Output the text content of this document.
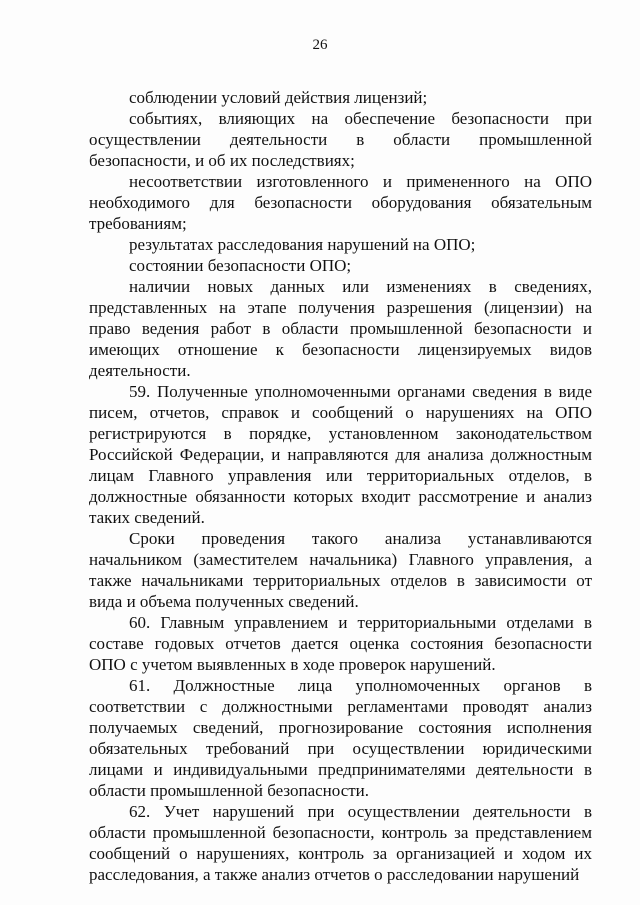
26

соблюдении условий действия лицензий;

событиях, влияющих на обеспечение безопасности при осуществлении деятельности в области промышленной безопасности, и об их последствиях;

несоответствии изготовленного и примененного на ОПО необходимого для безопасности оборудования обязательным требованиям;

результатах расследования нарушений на ОПО;

состоянии безопасности ОПО;

наличии новых данных или изменениях в сведениях, представленных на этапе получения разрешения (лицензии) на право ведения работ в области промышленной безопасности и имеющих отношение к безопасности лицензируемых видов деятельности.

59. Полученные уполномоченными органами сведения в виде писем, отчетов, справок и сообщений о нарушениях на ОПО регистрируются в порядке, установленном законодательством Российской Федерации, и направляются для анализа должностным лицам Главного управления или территориальных отделов, в должностные обязанности которых входит рассмотрение и анализ таких сведений.

Сроки проведения такого анализа устанавливаются начальником (заместителем начальника) Главного управления, а также начальниками территориальных отделов в зависимости от вида и объема полученных сведений.

60. Главным управлением и территориальными отделами в составе годовых отчетов дается оценка состояния безопасности ОПО с учетом выявленных в ходе проверок нарушений.

61. Должностные лица уполномоченных органов в соответствии с должностными регламентами проводят анализ получаемых сведений, прогнозирование состояния исполнения обязательных требований при осуществлении юридическими лицами и индивидуальными предпринимателями деятельности в области промышленной безопасности.

62. Учет нарушений при осуществлении деятельности в области промышленной безопасности, контроль за представлением сообщений о нарушениях, контроль за организацией и ходом их расследования, а также анализ отчетов о расследовании нарушений
